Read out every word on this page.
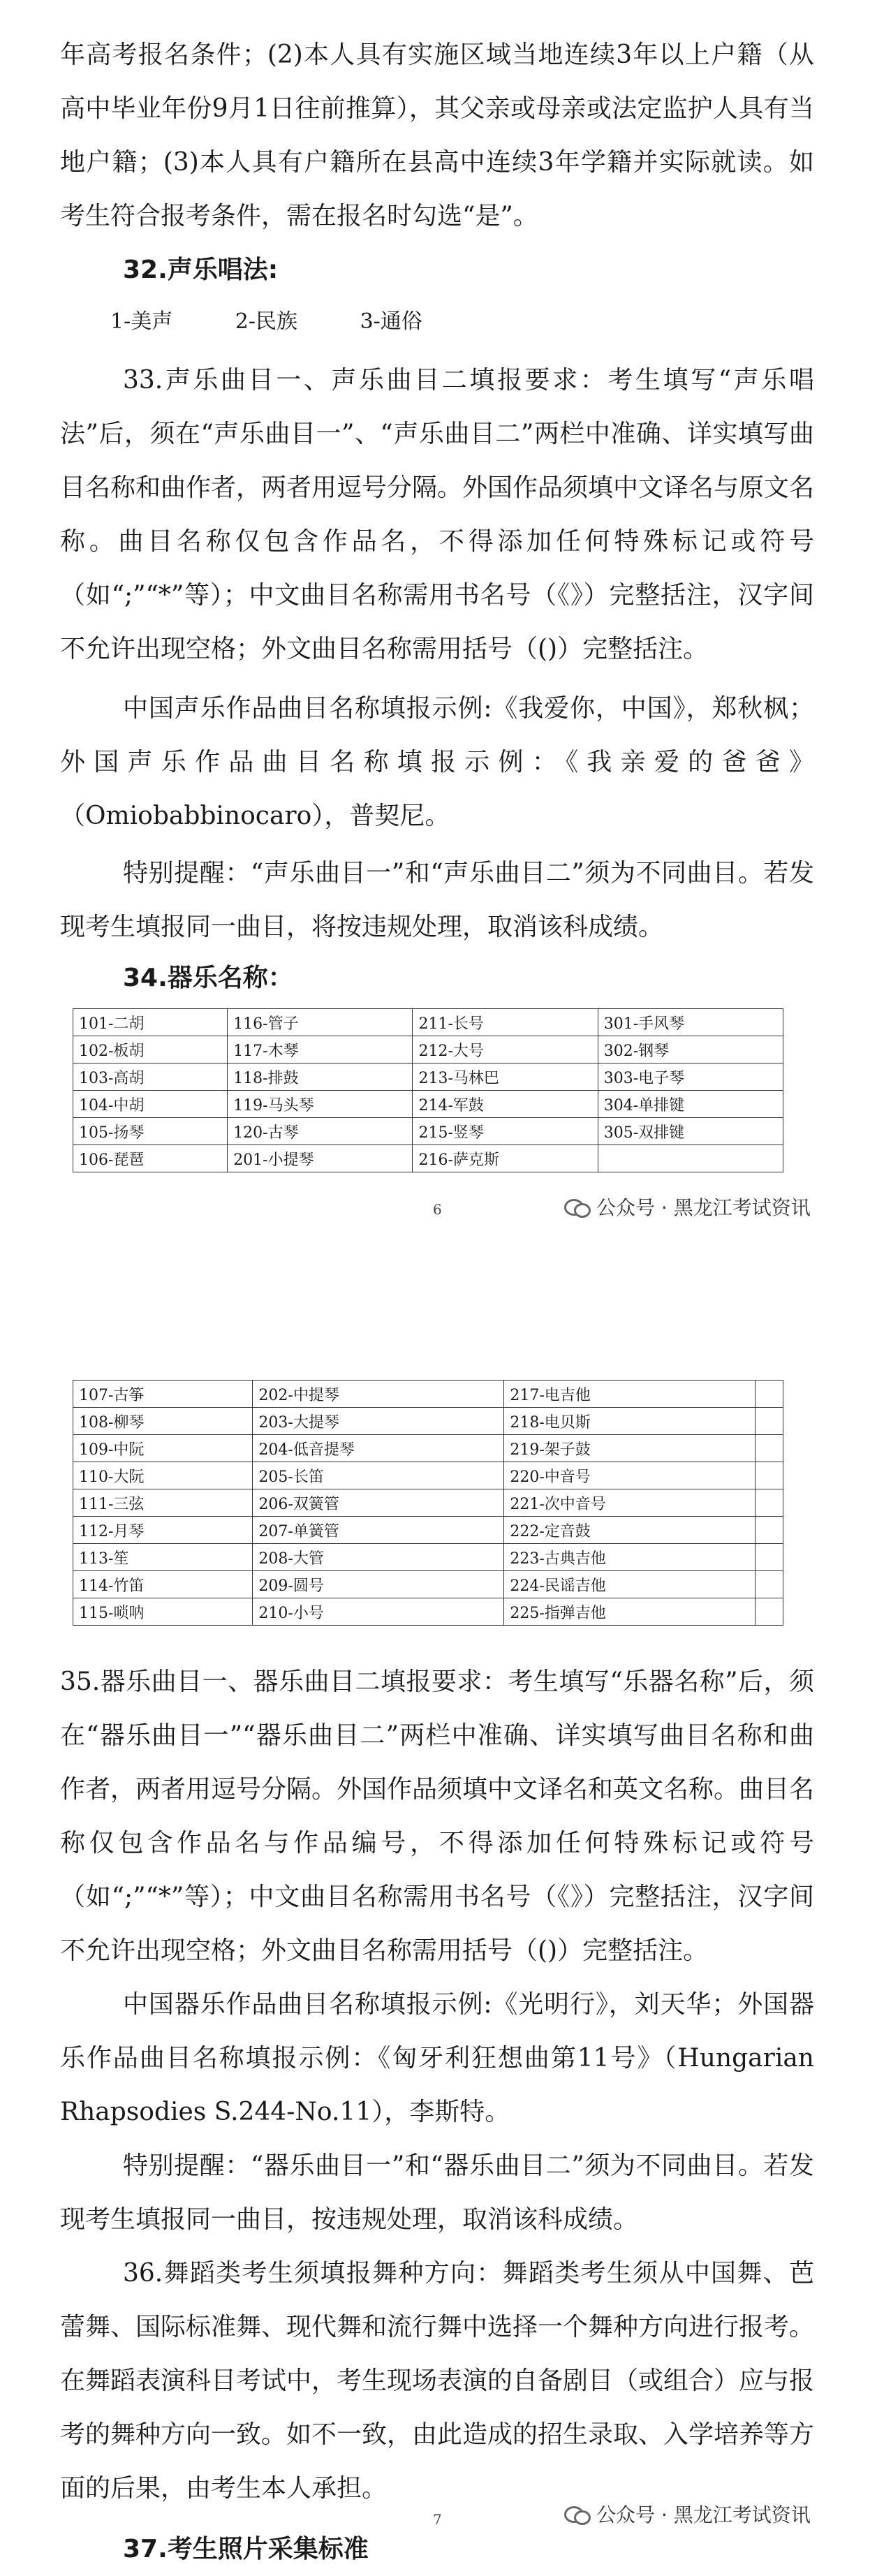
年高考报名条件；(2)本人具有实施区域当地连续3年以上户籍（从高中毕业年份9月1日往前推算），其父亲或母亲或法定监护人具有当地户籍；(3)本人具有户籍所在县高中连续3年学籍并实际就读。如考生符合报考条件，需在报名时勾选“是”。

32.声乐唱法:

1-美声	2-民族	3-通俗

33.声乐曲目一、声乐曲目二填报要求：考生填写“声乐唱法”后，须在“声乐曲目一”、“声乐曲目二”两栏中准确、详实填写曲目名称和曲作者，两者用逗号分隔。外国作品须填中文译名与原文名称。曲目名称仅包含作品名，不得添加任何特殊标记或符号（如“;”“*”等）；中文曲目名称需用书名号（《》）完整括注，汉字间不允许出现空格；外文曲目名称需用括号（()）完整括注。

中国声乐作品曲目名称填报示例:《我爱你，中国》，郑秋枫；外国声乐作品曲目名称填报示例：《我亲爱的爸爸》（Omiobabbinocaro），普契尼。

特别提醒：“声乐曲目一”和“声乐曲目二”须为不同曲目。若发现考生填报同一曲目，将按违规处理，取消该科成绩。

34.器乐名称：

101-二胡	116-管子	211-长号	301-手风琴
102-板胡	117-木琴	212-大号	302-钢琴
103-高胡	118-排鼓	213-马林巴	303-电子琴
104-中胡	119-马头琴	214-军鼓	304-单排键
105-扬琴	120-古琴	215-竖琴	305-双排键
106-琵琶	201-小提琴	216-萨克斯	
公众号 · 黑龙江考试资讯
6
107-古筝	202-中提琴	217-电吉他	
108-柳琴	203-大提琴	218-电贝斯	
109-中阮	204-低音提琴	219-架子鼓	
110-大阮	205-长笛	220-中音号	
111-三弦	206-双簧管	221-次中音号	
112-月琴	207-单簧管	222-定音鼓	
113-笙	208-大管	223-古典吉他	
114-竹笛	209-圆号	224-民谣吉他	
115-唢呐	210-小号	225-指弹吉他	

35.器乐曲目一、器乐曲目二填报要求：考生填写“乐器名称”后，须在“器乐曲目一”“器乐曲目二”两栏中准确、详实填写曲目名称和曲作者，两者用逗号分隔。外国作品须填中文译名和英文名称。曲目名称仅包含作品名与作品编号，不得添加任何特殊标记或符号（如“;”“*”等）；中文曲目名称需用书名号（《》）完整括注，汉字间不允许出现空格；外文曲目名称需用括号（()）完整括注。

中国器乐作品曲目名称填报示例:《光明行》，刘天华；外国器乐作品曲目名称填报示例：《匈牙利狂想曲第11号》（Hungarian Rhapsodies S.244-No.11），李斯特。

特别提醒：“器乐曲目一”和“器乐曲目二”须为不同曲目。若发现考生填报同一曲目，按违规处理，取消该科成绩。

36.舞蹈类考生须填报舞种方向：舞蹈类考生须从中国舞、芭蕾舞、国际标准舞、现代舞和流行舞中选择一个舞种方向进行报考。在舞蹈表演科目考试中，考生现场表演的自备剧目（或组合）应与报考的舞种方向一致。如不一致，由此造成的招生录取、入学培养等方面的后果，由考生本人承担。

37.考生照片采集标准

公众号 · 黑龙江考试资讯
7
